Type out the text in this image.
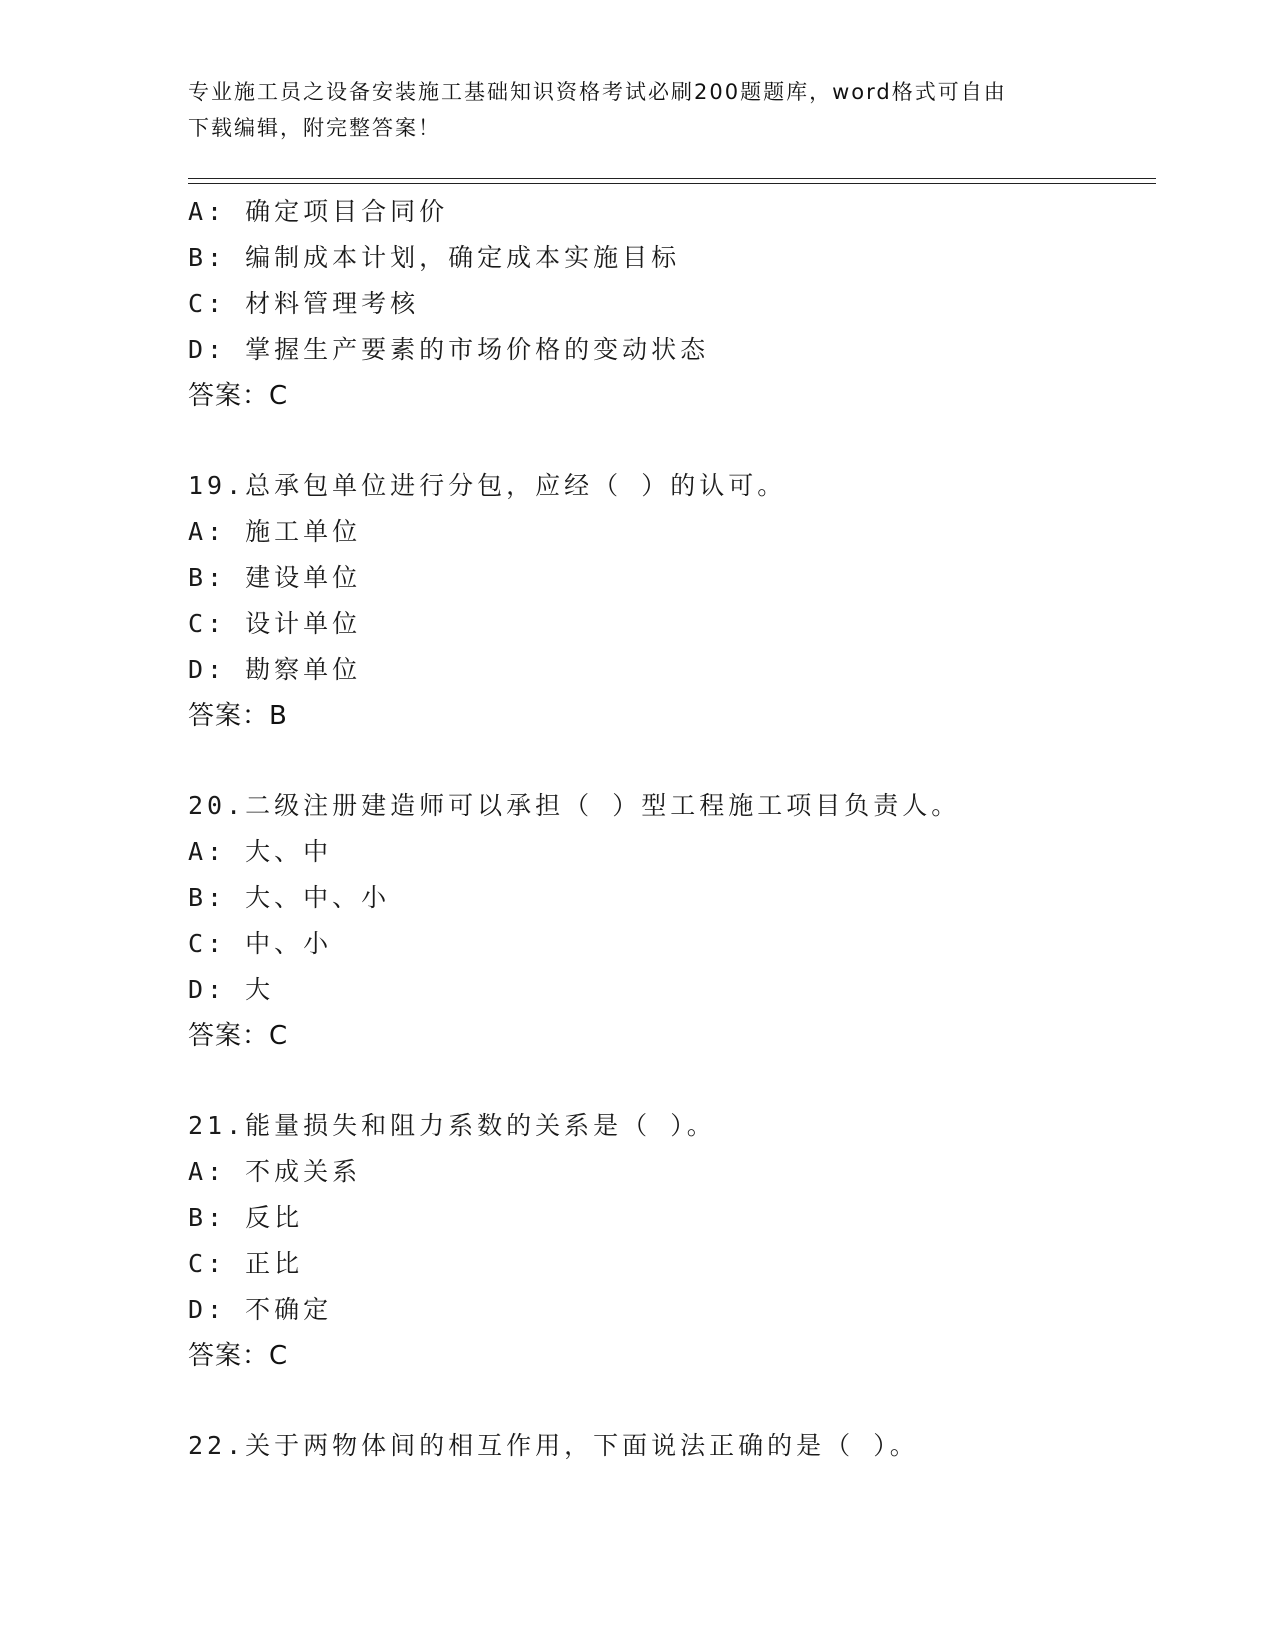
专业施工员之设备安装施工基础知识资格考试必刷200题题库，word格式可自由
下载编辑，附完整答案！
A: 确定项目合同价
B: 编制成本计划，确定成本实施目标
C: 材料管理考核
D: 掌握生产要素的市场价格的变动状态
答案：C
19.总承包单位进行分包，应经（ ）的认可。
A: 施工单位
B: 建设单位
C: 设计单位
D: 勘察单位
答案：B
20.二级注册建造师可以承担（ ）型工程施工项目负责人。
A: 大、中
B: 大、中、小
C: 中、小
D: 大
答案：C
21.能量损失和阻力系数的关系是（ ）。
A: 不成关系
B: 反比
C: 正比
D: 不确定
答案：C
22.关于两物体间的相互作用，下面说法正确的是（ ）。
